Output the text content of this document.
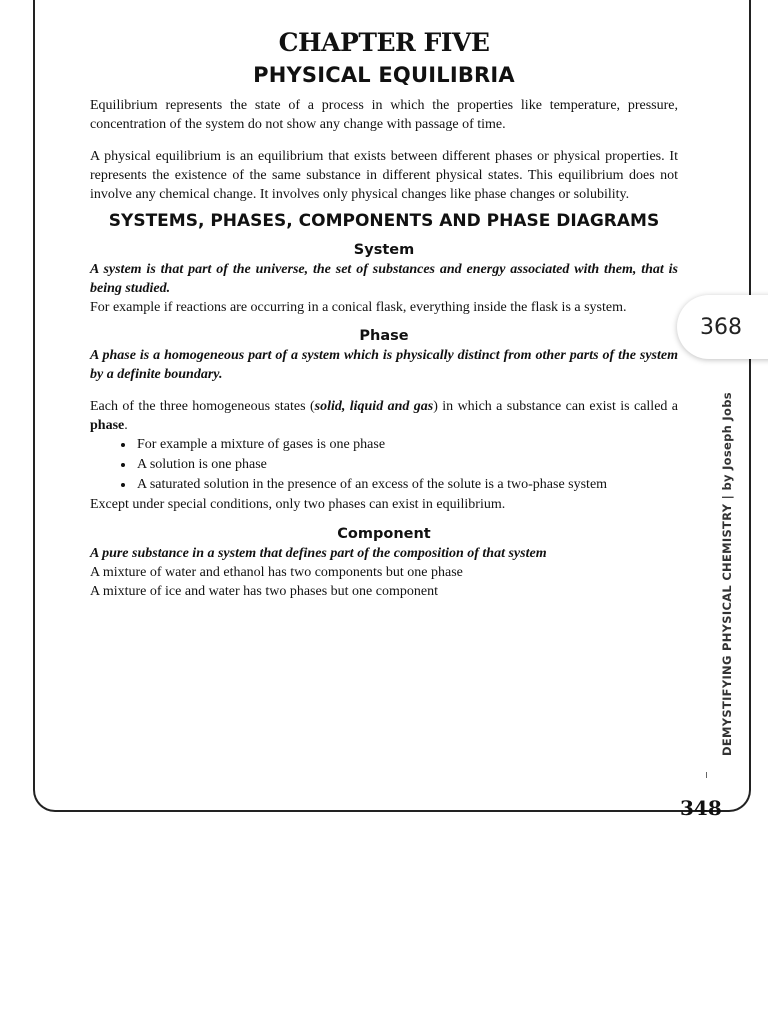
CHAPTER FIVE
PHYSICAL EQUILIBRIA

Equilibrium represents the state of a process in which the properties like temperature, pressure, concentration of the system do not show any change with passage of time.

A physical equilibrium is an equilibrium that exists between different phases or physical properties. It represents the existence of the same substance in different physical states. This equilibrium does not involve any chemical change. It involves only physical changes like phase changes or solubility.

SYSTEMS, PHASES, COMPONENTS AND PHASE DIAGRAMS
System

A system is that part of the universe, the set of substances and energy associated with them, that is being studied.

For example if reactions are occurring in a conical flask, everything inside the flask is a system.

Phase

A phase is a homogeneous part of a system which is physically distinct from other parts of the system by a definite boundary.

Each of the three homogeneous states (solid, liquid and gas) in which a substance can exist is called a phase.

• For example a mixture of gases is one phase
• A solution is one phase
• A saturated solution in the presence of an excess of the solute is a two-phase system

Except under special conditions, only two phases can exist in equilibrium.

Component

A pure substance in a system that defines part of the composition of that system

A mixture of water and ethanol has two components but one phase

A mixture of ice and water has two phases but one component

368
DEMYSTIFYING PHYSICAL CHEMISTRY | by Joseph Jobs
348
